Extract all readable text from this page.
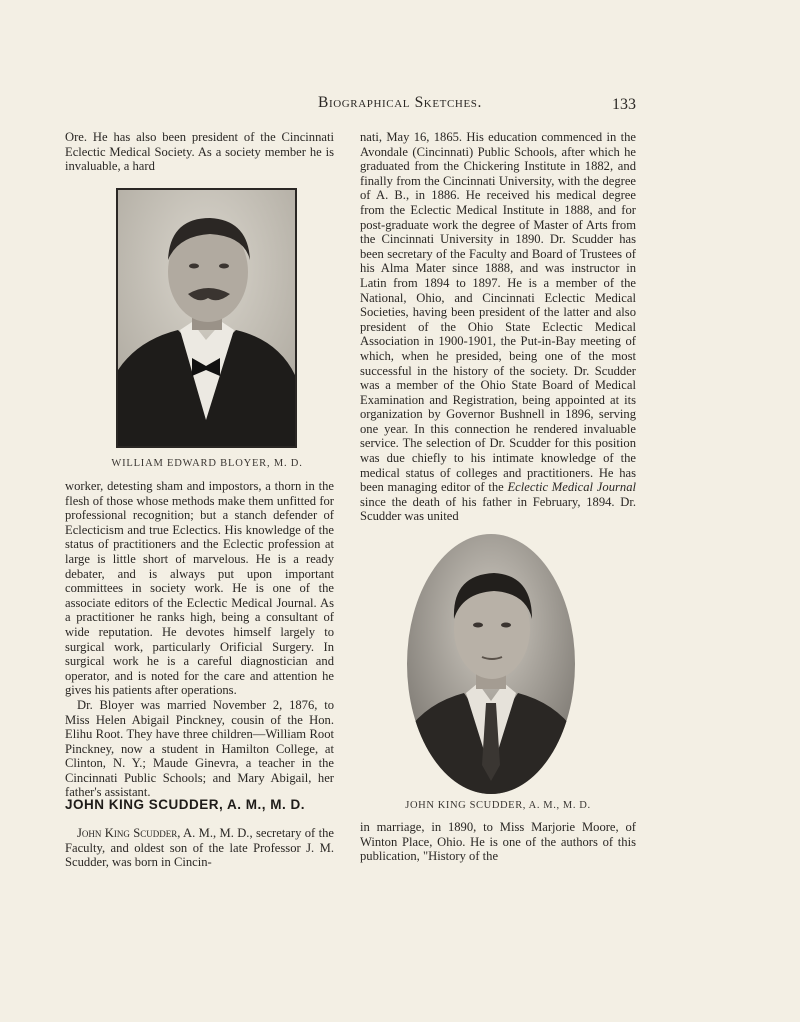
Biographical Sketches.	133

Ore. He has also been president of the Cincinnati Eclectic Medical Society. As a society member he is invaluable, a hard

WILLIAM EDWARD BLOYER, M. D.

worker, detesting sham and impostors, a thorn in the flesh of those whose methods make them unfitted for professional recognition; but a stanch defender of Eclecticism and true Eclectics. His knowledge of the status of practitioners and the Eclectic profession at large is little short of marvelous. He is a ready debater, and is always put upon important committees in society work. He is one of the associate editors of the Eclectic Medical Journal. As a practitioner he ranks high, being a consultant of wide reputation. He devotes himself largely to surgical work, particularly Orificial Surgery. In surgical work he is a careful diagnostician and operator, and is noted for the care and attention he gives his patients after operations.

Dr. Bloyer was married November 2, 1876, to Miss Helen Abigail Pinckney, cousin of the Hon. Elihu Root. They have three children—William Root Pinckney, now a student in Hamilton College, at Clinton, N. Y.; Maude Ginevra, a teacher in the Cincinnati Public Schools; and Mary Abigail, her father's assistant.

JOHN KING SCUDDER, A. M., M. D.

John King Scudder, A. M., M. D., secretary of the Faculty, and oldest son of the late Professor J. M. Scudder, was born in Cincin-

nati, May 16, 1865. His education commenced in the Avondale (Cincinnati) Public Schools, after which he graduated from the Chickering Institute in 1882, and finally from the Cincinnati University, with the degree of A. B., in 1886. He received his medical degree from the Eclectic Medical Institute in 1888, and for post-graduate work the degree of Master of Arts from the Cincinnati University in 1890. Dr. Scudder has been secretary of the Faculty and Board of Trustees of his Alma Mater since 1888, and was instructor in Latin from 1894 to 1897. He is a member of the National, Ohio, and Cincinnati Eclectic Medical Societies, having been president of the latter and also president of the Ohio State Eclectic Medical Association in 1900-1901, the Put-in-Bay meeting of which, when he presided, being one of the most successful in the history of the society. Dr. Scudder was a member of the Ohio State Board of Medical Examination and Registration, being appointed at its organization by Governor Bushnell in 1896, serving one year. In this connection he rendered invaluable service. The selection of Dr. Scudder for this position was due chiefly to his intimate knowledge of the medical status of colleges and practitioners. He has been managing editor of the Eclectic Medical Journal since the death of his father in February, 1894. Dr. Scudder was united

JOHN KING SCUDDER, A. M., M. D.

in marriage, in 1890, to Miss Marjorie Moore, of Winton Place, Ohio. He is one of the authors of this publication, "History of the
